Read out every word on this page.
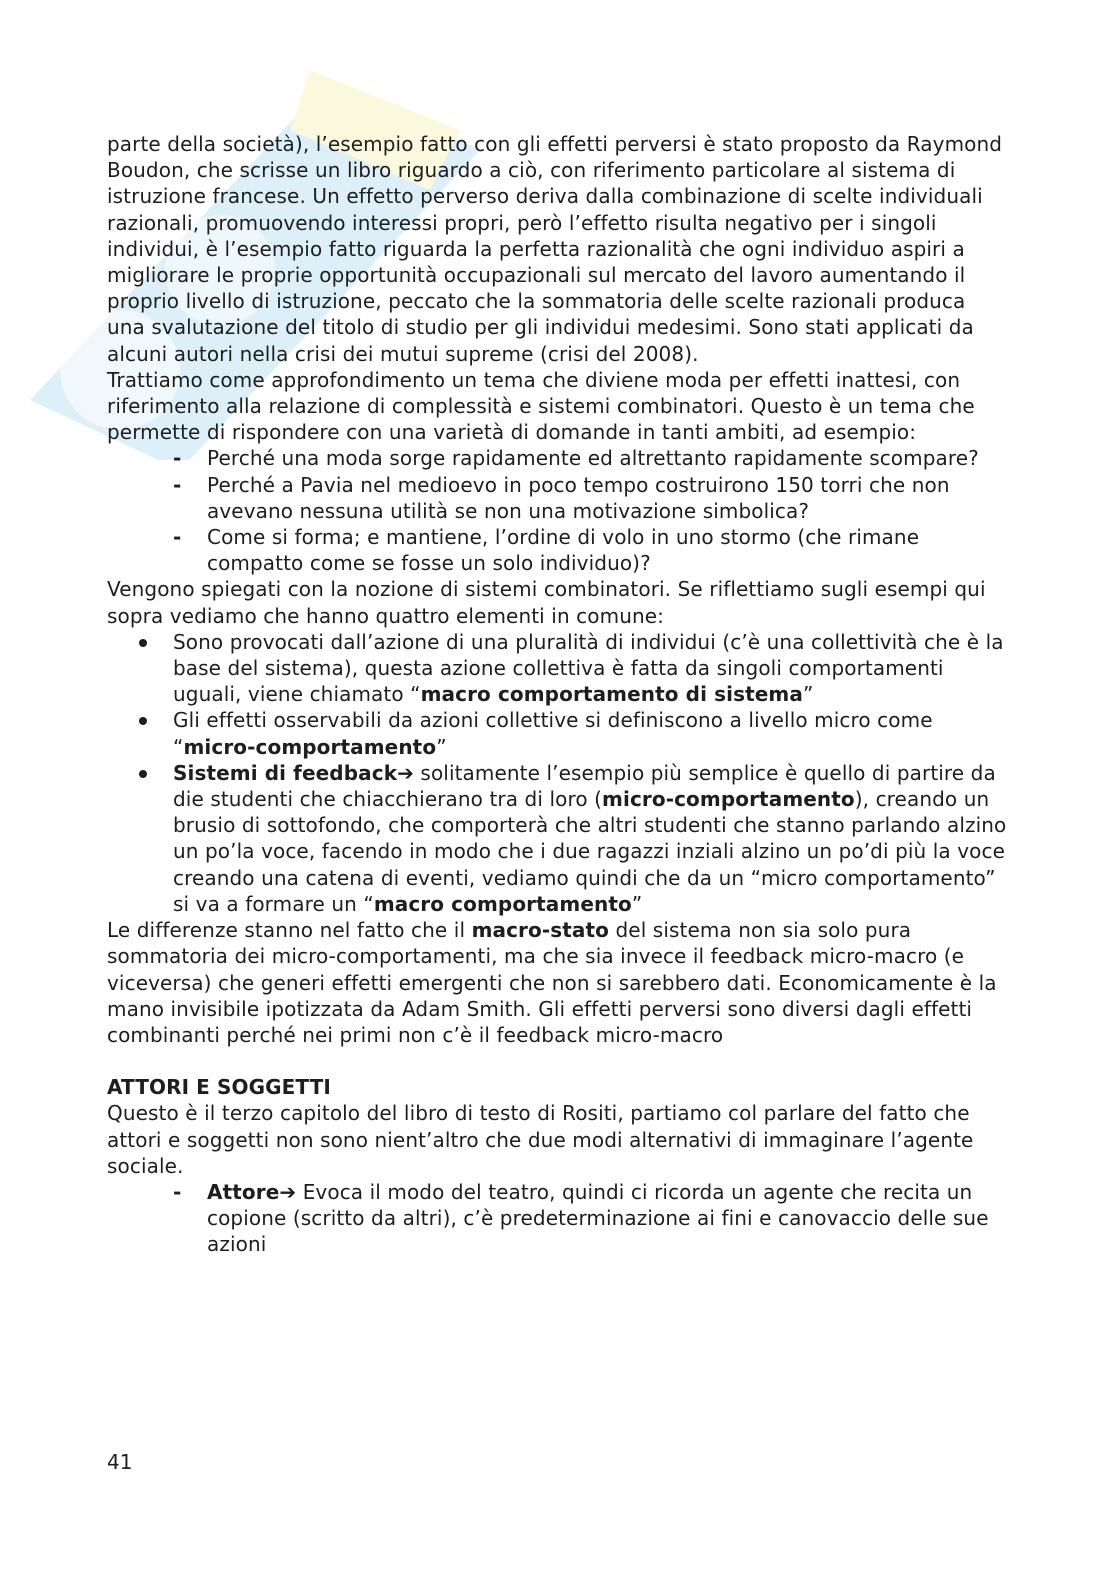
parte della società), l’esempio fatto con gli effetti perversi è stato proposto da Raymond Boudon, che scrisse un libro riguardo a ciò, con riferimento particolare al sistema di istruzione francese. Un effetto perverso deriva dalla combinazione di scelte individuali razionali, promuovendo interessi propri, però l’effetto risulta negativo per i singoli individui, è l’esempio fatto riguarda la perfetta razionalità che ogni individuo aspiri a migliorare le proprie opportunità occupazionali sul mercato del lavoro aumentando il proprio livello di istruzione, peccato che la sommatoria delle scelte razionali produca una svalutazione del titolo di studio per gli individui medesimi. Sono stati applicati da alcuni autori nella crisi dei mutui supreme (crisi del 2008).

Trattiamo come approfondimento un tema che diviene moda per effetti inattesi, con riferimento alla relazione di complessità e sistemi combinatori. Questo è un tema che permette di rispondere con una varietà di domande in tanti ambiti, ad esempio:

- Perché una moda sorge rapidamente ed altrettanto rapidamente scompare?
- Perché a Pavia nel medioevo in poco tempo costruirono 150 torri che non avevano nessuna utilità se non una motivazione simbolica?
- Come si forma; e mantiene, l’ordine di volo in uno stormo (che rimane compatto come se fosse un solo individuo)?

Vengono spiegati con la nozione di sistemi combinatori. Se riflettiamo sugli esempi qui sopra vediamo che hanno quattro elementi in comune:

Sono provocati dall’azione di una pluralità di individui (c’è una collettività che è la base del sistema), questa azione collettiva è fatta da singoli comportamenti uguali, viene chiamato “macro comportamento di sistema”
Gli effetti osservabili da azioni collettive si definiscono a livello micro come “micro-comportamento”
Sistemi di feedback➔ solitamente l’esempio più semplice è quello di partire da die studenti che chiacchierano tra di loro (micro-comportamento), creando un brusio di sottofondo, che comporterà che altri studenti che stanno parlando alzino un po’la voce, facendo in modo che i due ragazzi inziali alzino un po’di più la voce creando una catena di eventi, vediamo quindi che da un “micro comportamento” si va a formare un “macro comportamento”

Le differenze stanno nel fatto che il macro-stato del sistema non sia solo pura sommatoria dei micro-comportamenti, ma che sia invece il feedback micro-macro (e viceversa) che generi effetti emergenti che non si sarebbero dati. Economicamente è la mano invisibile ipotizzata da Adam Smith. Gli effetti perversi sono diversi dagli effetti combinanti perché nei primi non c’è il feedback micro-macro

ATTORI E SOGGETTI

Questo è il terzo capitolo del libro di testo di Rositi, partiamo col parlare del fatto che attori e soggetti non sono nient’altro che due modi alternativi di immaginare l’agente sociale.

- Attore➔ Evoca il modo del teatro, quindi ci ricorda un agente che recita un copione (scritto da altri), c’è predeterminazione ai fini e canovaccio delle sue azioni
41
